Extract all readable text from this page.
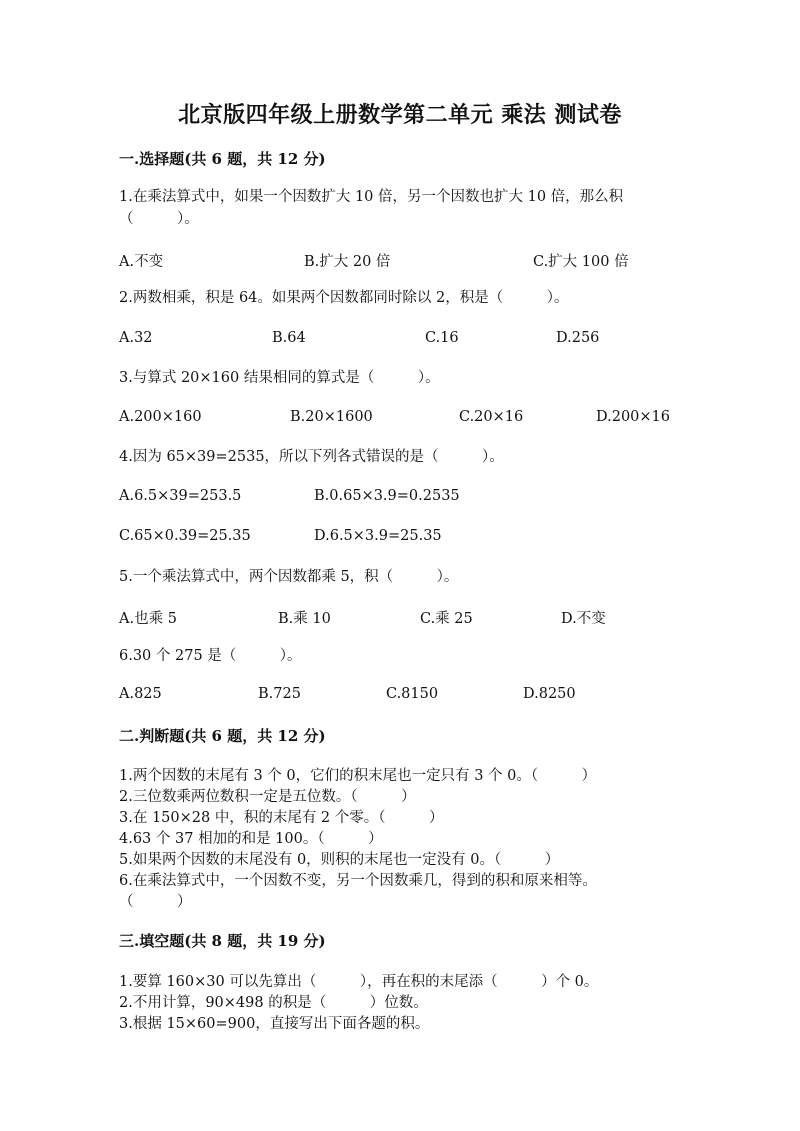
北京版四年级上册数学第二单元 乘法 测试卷
一.选择题(共 6 题，共 12 分)
1.在乘法算式中，如果一个因数扩大 10 倍，另一个因数也扩大 10 倍，那么积
（　　　）。
A.不变	B.扩大 20 倍	C.扩大 100 倍
2.两数相乘，积是 64。如果两个因数都同时除以 2，积是（　　　）。
A.32	B.64	C.16	D.256
3.与算式 20×160 结果相同的算式是（　　　）。
A.200×160	B.20×1600	C.20×16	D.200×16
4.因为 65×39=2535，所以下列各式错误的是（　　　）。
A.6.5×39=253.5	B.0.65×3.9=0.2535
C.65×0.39=25.35	D.6.5×3.9=25.35
5.一个乘法算式中，两个因数都乘 5，积（　　　）。
A.也乘 5	B.乘 10	C.乘 25	D.不变
6.30 个 275 是（　　　）。
A.825	B.725	C.8150	D.8250
二.判断题(共 6 题，共 12 分)
1.两个因数的末尾有 3 个 0，它们的积末尾也一定只有 3 个 0。（　　　）
2.三位数乘两位数积一定是五位数。（　　　）
3.在 150×28 中，积的末尾有 2 个零。（　　　）
4.63 个 37 相加的和是 100。（　　　）
5.如果两个因数的末尾没有 0，则积的末尾也一定没有 0。（　　　）
6.在乘法算式中，一个因数不变，另一个因数乘几，得到的积和原来相等。
（　　　）
三.填空题(共 8 题，共 19 分)
1.要算 160×30 可以先算出（　　　），再在积的末尾添（　　　）个 0。
2.不用计算，90×498 的积是（　　　）位数。
3.根据 15×60=900，直接写出下面各题的积。
